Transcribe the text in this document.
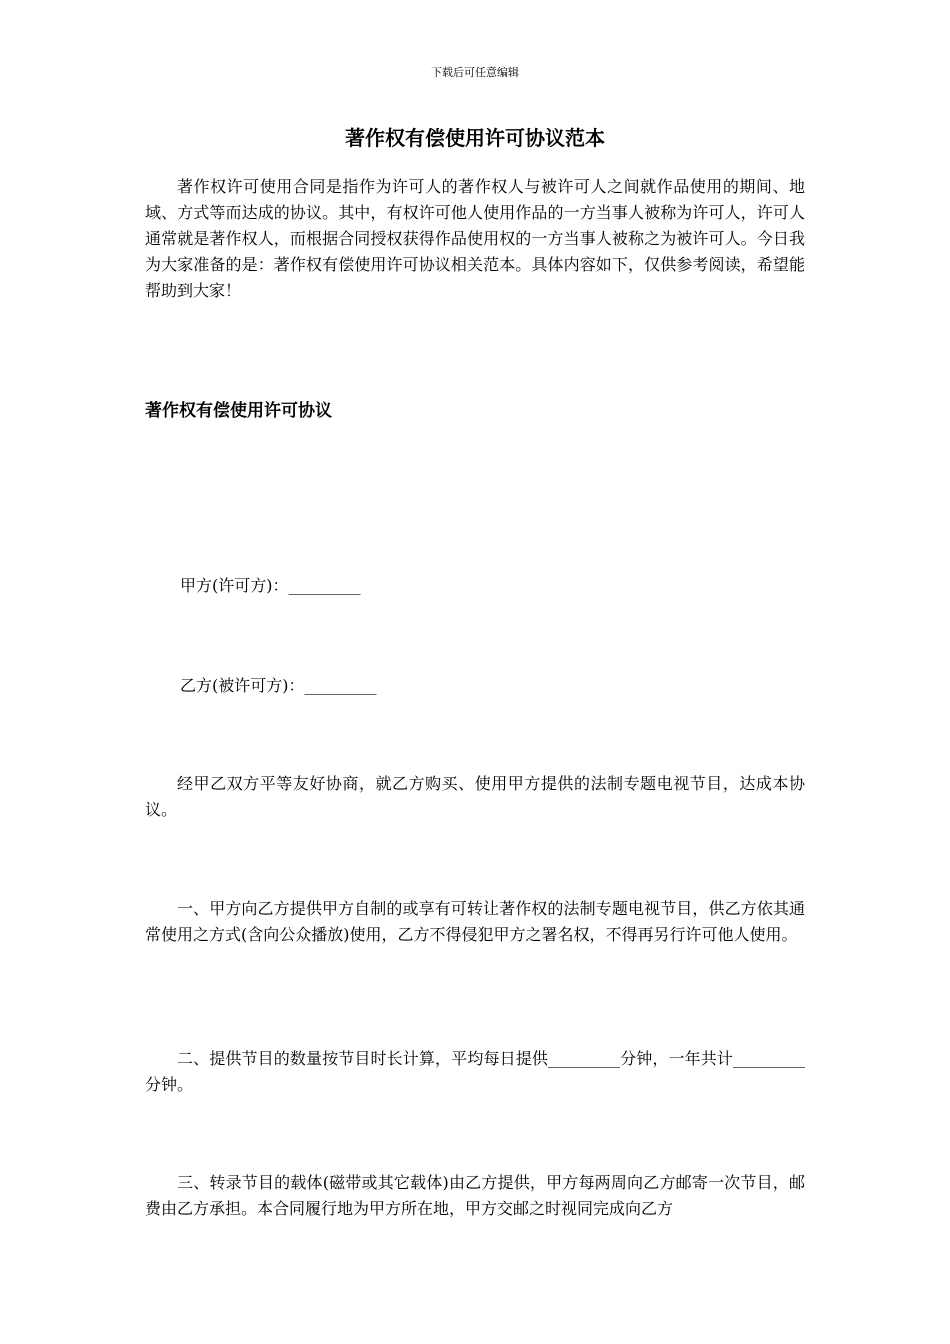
下载后可任意编辑
著作权有偿使用许可协议范本

著作权许可使用合同是指作为许可人的著作权人与被许可人之间就作品使用的期间、地域、方式等而达成的协议。其中，有权许可他人使用作品的一方当事人被称为许可人，许可人通常就是著作权人，而根据合同授权获得作品使用权的一方当事人被称之为被许可人。今日我为大家准备的是：著作权有偿使用许可协议相关范本。具体内容如下，仅供参考阅读，希望能帮助到大家！

著作权有偿使用许可协议

甲方(许可方)：_________

乙方(被许可方)：_________

经甲乙双方平等友好协商，就乙方购买、使用甲方提供的法制专题电视节目，达成本协议。

一、甲方向乙方提供甲方自制的或享有可转让著作权的法制专题电视节目，供乙方依其通常使用之方式(含向公众播放)使用，乙方不得侵犯甲方之署名权，不得再另行许可他人使用。

二、提供节目的数量按节目时长计算，平均每日提供_________分钟，一年共计_________分钟。

三、转录节目的载体(磁带或其它载体)由乙方提供，甲方每两周向乙方邮寄一次节目，邮费由乙方承担。本合同履行地为甲方所在地，甲方交邮之时视同完成向乙方
